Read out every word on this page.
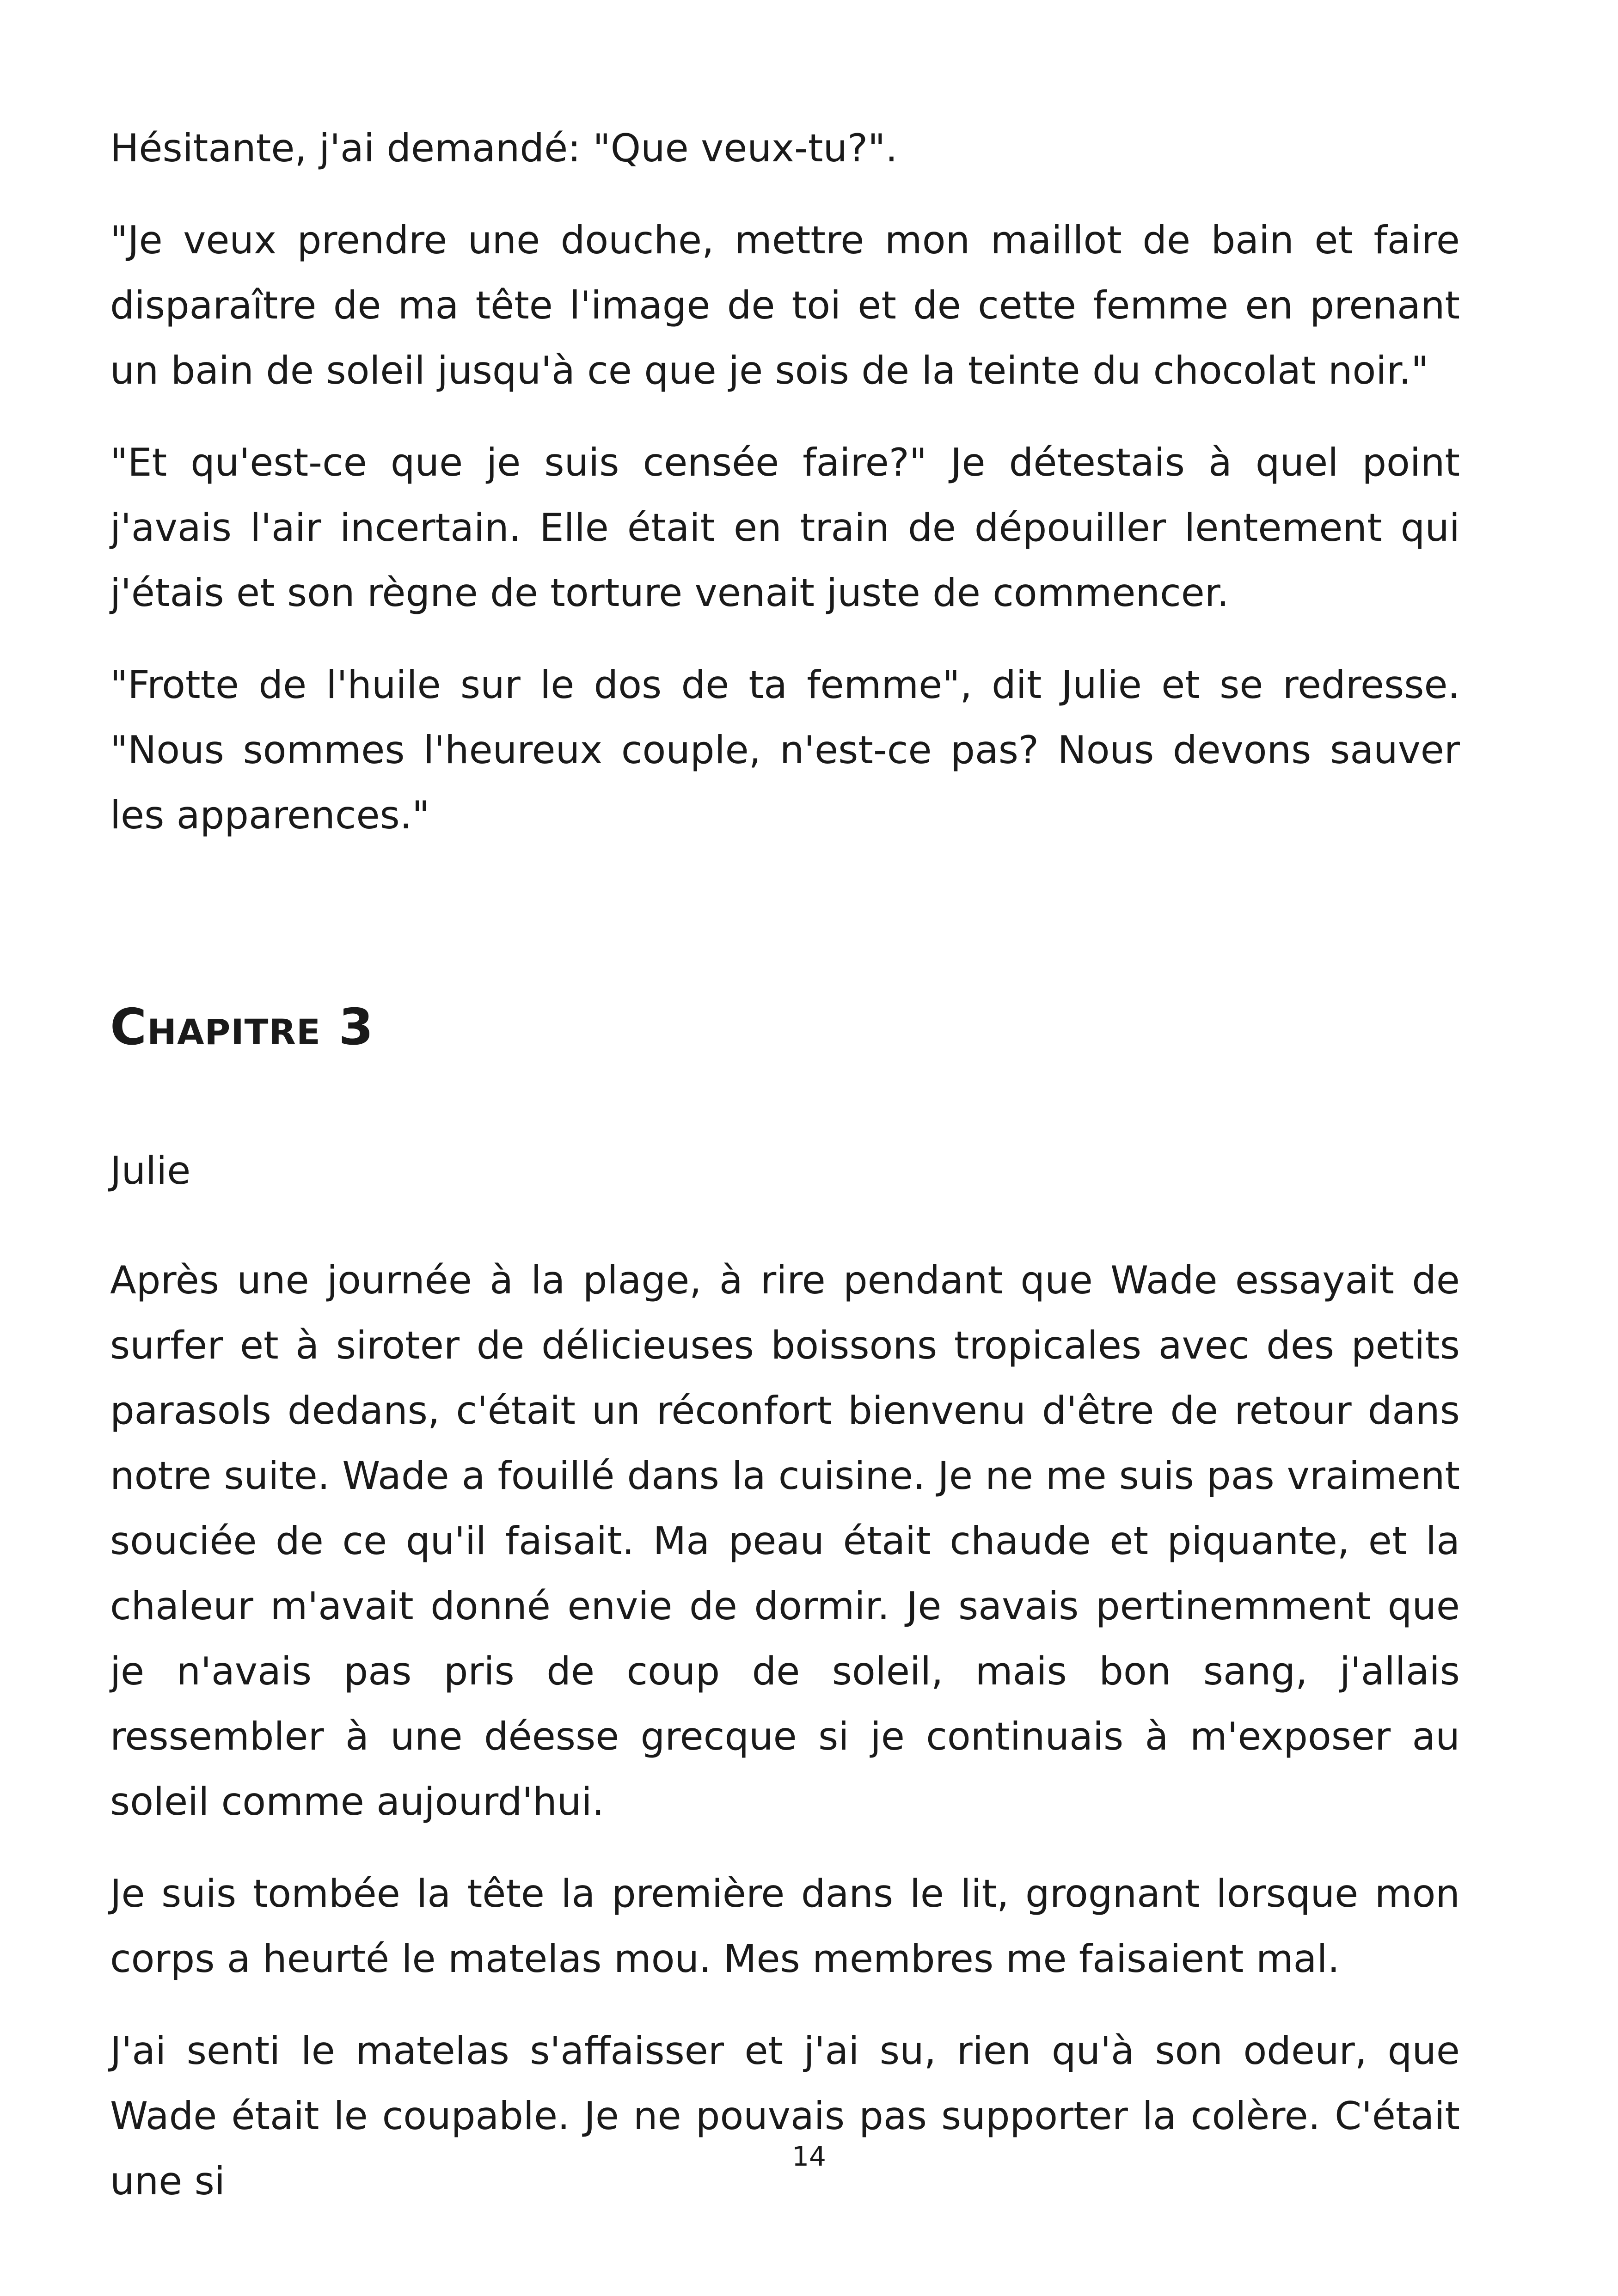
Hésitante, j'ai demandé: "Que veux-tu?".

"Je veux prendre une douche, mettre mon maillot de bain et faire disparaître de ma tête l'image de toi et de cette femme en prenant un bain de soleil jusqu'à ce que je sois de la teinte du chocolat noir."

"Et qu'est-ce que je suis censée faire?" Je détestais à quel point j'avais l'air incertain. Elle était en train de dépouiller lentement qui j'étais et son règne de torture venait juste de commencer.

"Frotte de l'huile sur le dos de ta femme", dit Julie et se redresse. "Nous sommes l'heureux couple, n'est-ce pas? Nous devons sauver les apparences."

Chapitre 3

Julie

Après une journée à la plage, à rire pendant que Wade essayait de surfer et à siroter de délicieuses boissons tropicales avec des petits parasols dedans, c'était un réconfort bienvenu d'être de retour dans notre suite. Wade a fouillé dans la cuisine. Je ne me suis pas vraiment souciée de ce qu'il faisait. Ma peau était chaude et piquante, et la chaleur m'avait donné envie de dormir. Je savais pertinemment que je n'avais pas pris de coup de soleil, mais bon sang, j'allais ressembler à une déesse grecque si je continuais à m'exposer au soleil comme aujourd'hui.

Je suis tombée la tête la première dans le lit, grognant lorsque mon corps a heurté le matelas mou. Mes membres me faisaient mal.

J'ai senti le matelas s'affaisser et j'ai su, rien qu'à son odeur, que Wade était le coupable. Je ne pouvais pas supporter la colère. C'était une si

14
